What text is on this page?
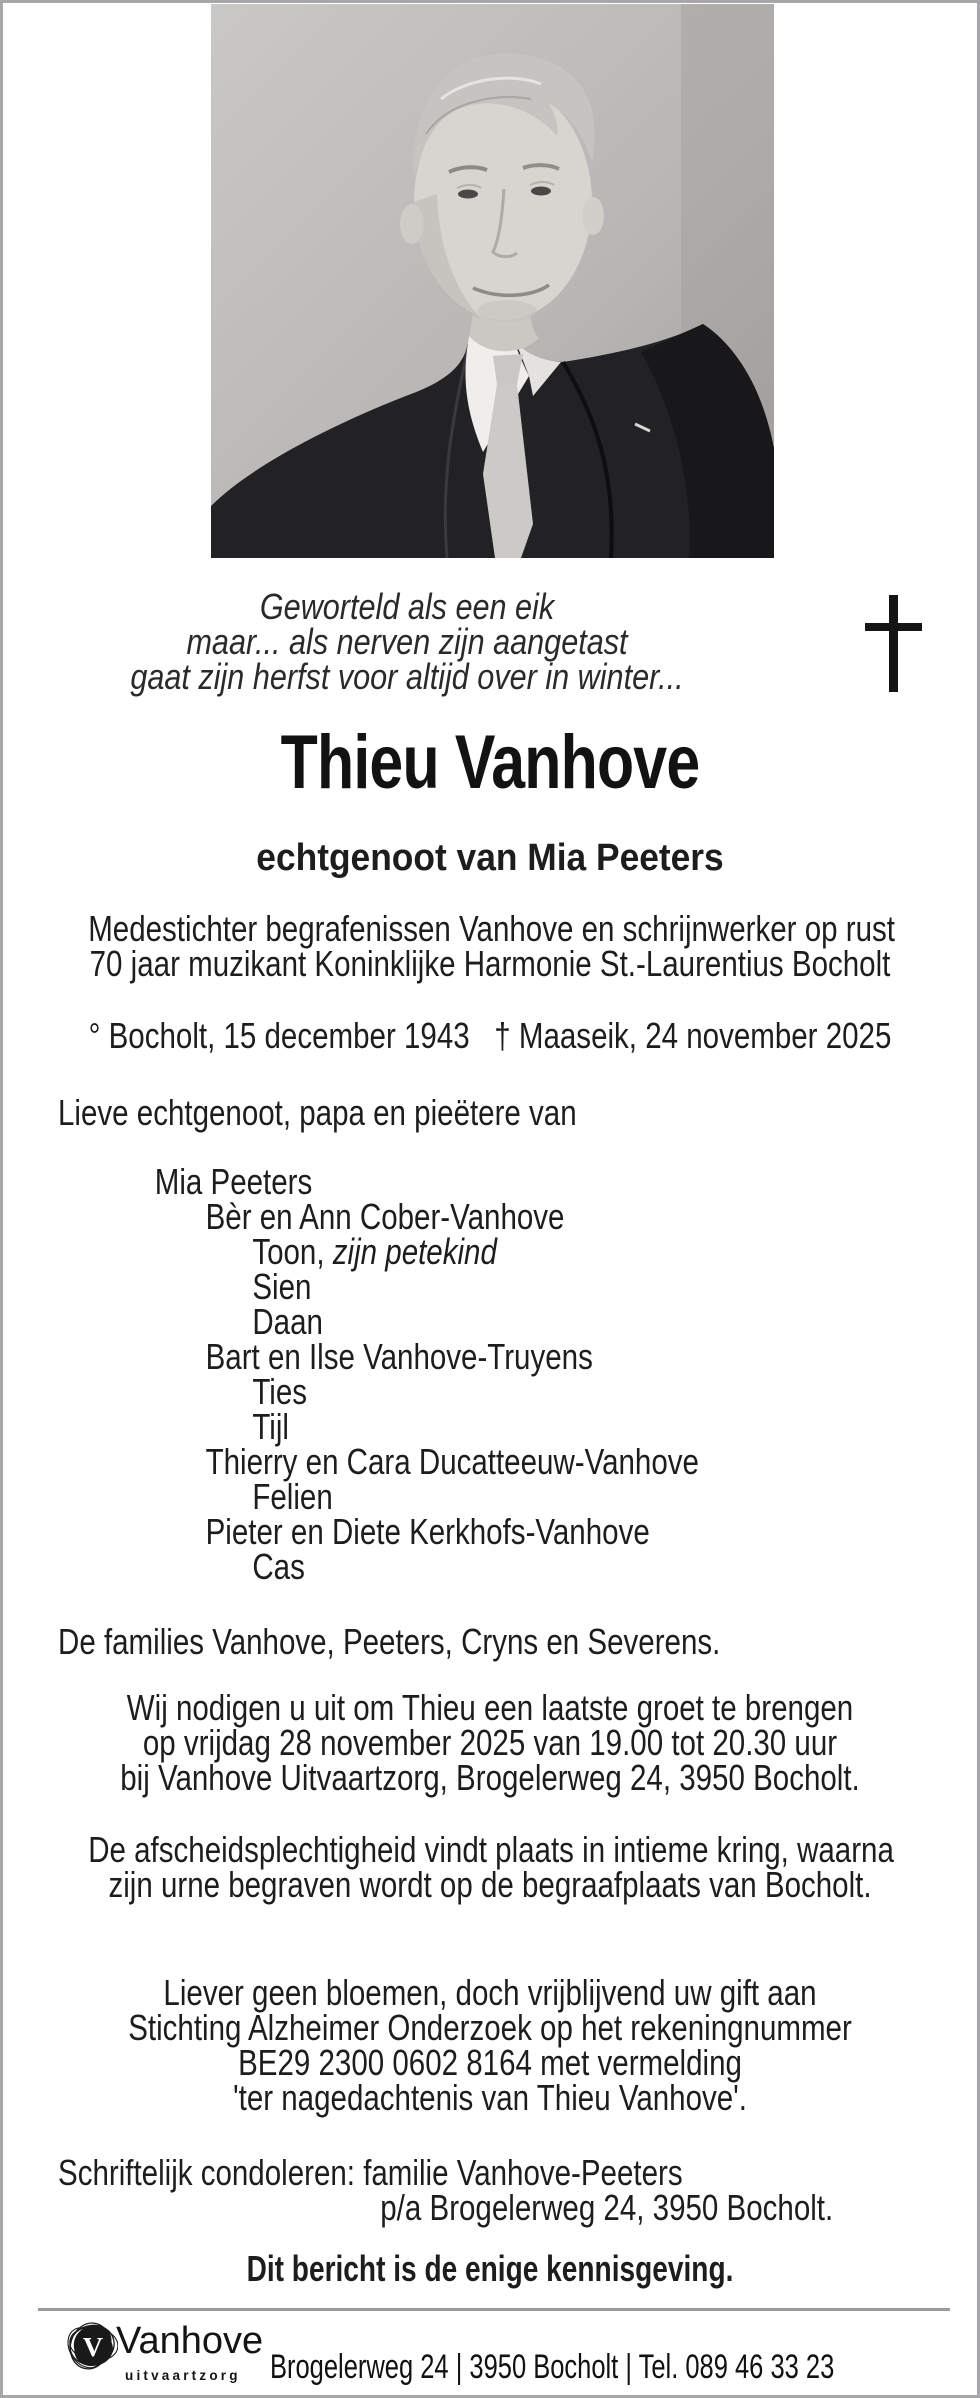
Geworteld als een eik
maar... als nerven zijn aangetast
gaat zijn herfst voor altijd over in winter...
Thieu Vanhove
echtgenoot van Mia Peeters
Medestichter begrafenissen Vanhove en schrijnwerker op rust
70 jaar muzikant Koninklijke Harmonie St.-Laurentius Bocholt
° Bocholt, 15 december 1943 † Maaseik, 24 november 2025
Lieve echtgenoot, papa en pieëtere van
Mia Peeters
Bèr en Ann Cober-Vanhove
Toon, zijn petekind
Sien
Daan
Bart en Ilse Vanhove-Truyens
Ties
Tijl
Thierry en Cara Ducatteeuw-Vanhove
Felien
Pieter en Diete Kerkhofs-Vanhove
Cas
De families Vanhove, Peeters, Cryns en Severens.
Wij nodigen u uit om Thieu een laatste groet te brengen
op vrijdag 28 november 2025 van 19.00 tot 20.30 uur
bij Vanhove Uitvaartzorg, Brogelerweg 24, 3950 Bocholt.
De afscheidsplechtigheid vindt plaats in intieme kring, waarna
zijn urne begraven wordt op de begraafplaats van Bocholt.
Liever geen bloemen, doch vrijblijvend uw gift aan
Stichting Alzheimer Onderzoek op het rekeningnummer
BE29 2300 0602 8164 met vermelding
'ter nagedachtenis van Thieu Vanhove'.
Schriftelijk condoleren: familie Vanhove-Peeters
p/a Brogelerweg 24, 3950 Bocholt.
Dit bericht is de enige kennisgeving.
V Vanhove
uitvaartzorg Brogelerweg 24 | 3950 Bocholt | Tel. 089 46 33 23
